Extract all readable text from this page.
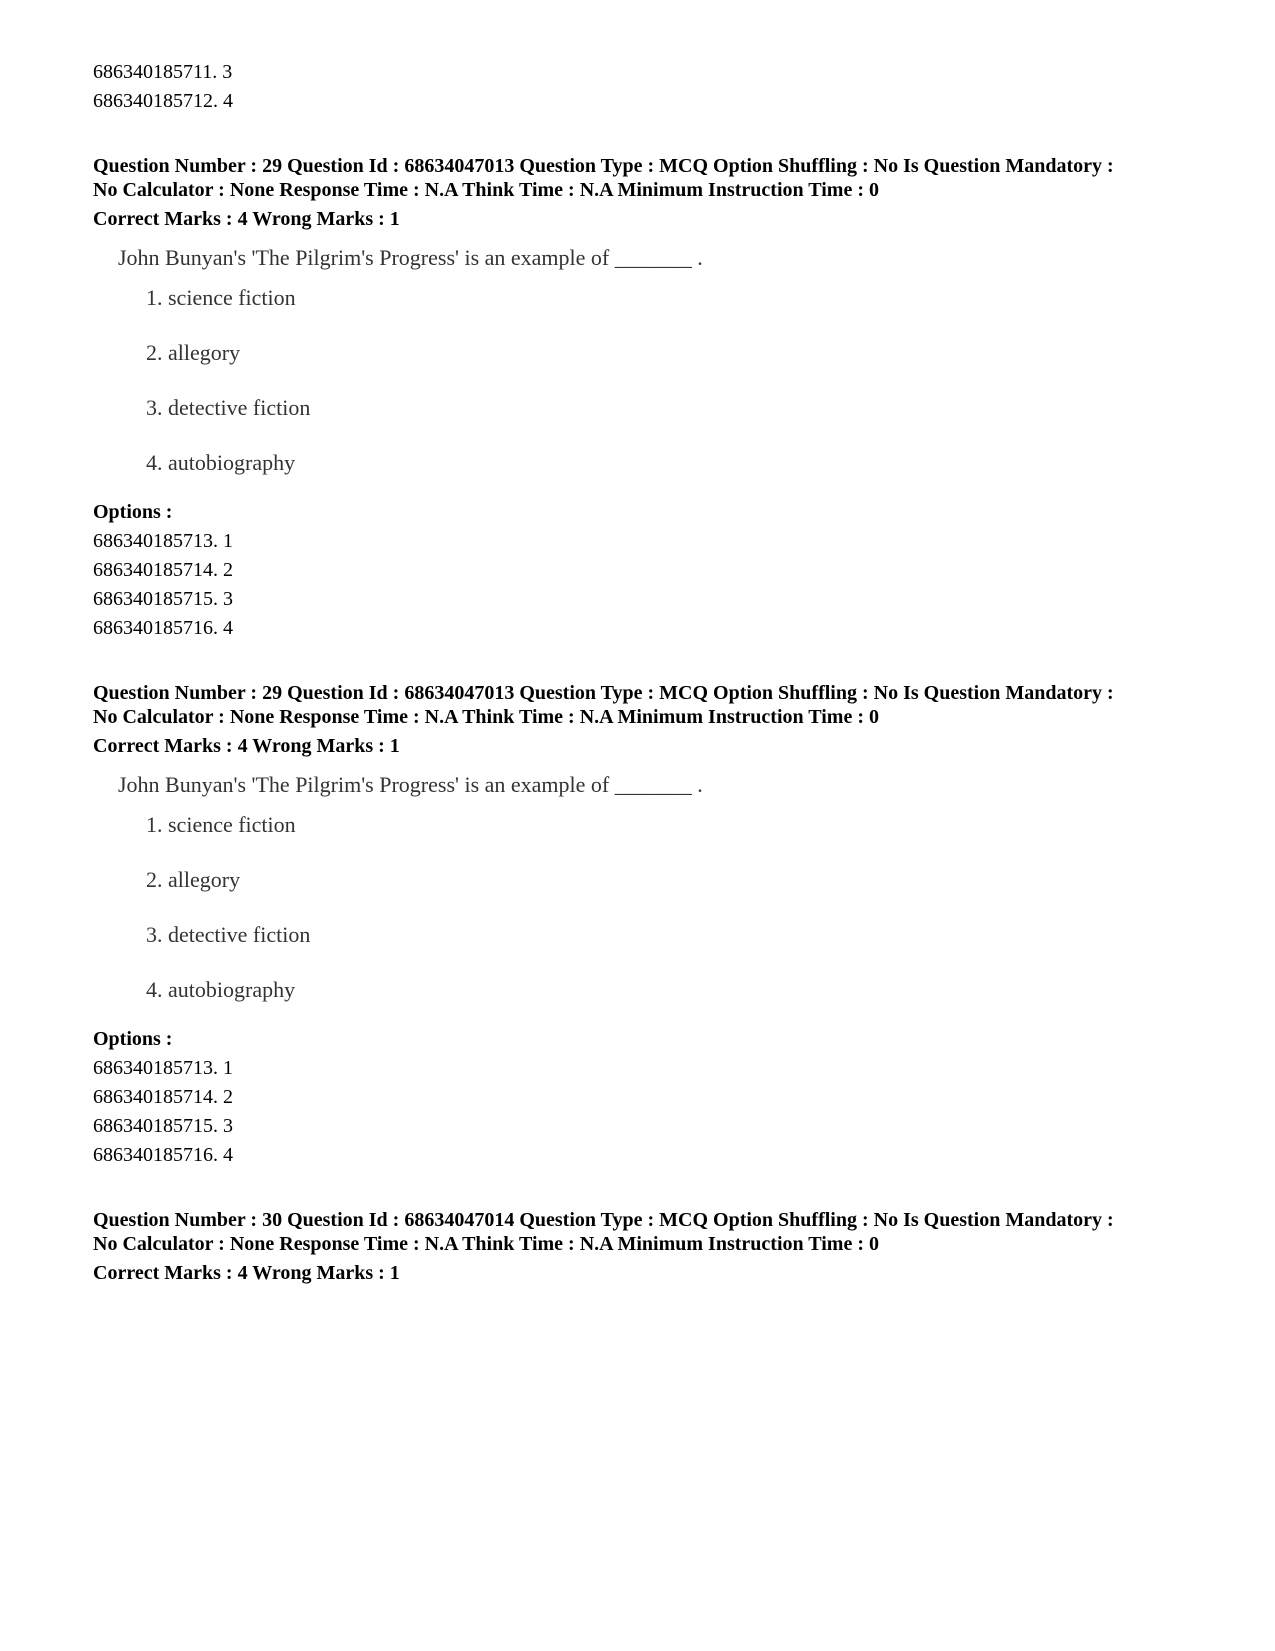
686340185711. 3
686340185712. 4
Question Number : 29 Question Id : 68634047013 Question Type : MCQ Option Shuffling : No Is Question Mandatory :
No Calculator : None Response Time : N.A Think Time : N.A Minimum Instruction Time : 0
Correct Marks : 4 Wrong Marks : 1
John Bunyan's 'The Pilgrim's Progress' is an example of _______ .
1. science fiction
2. allegory
3. detective fiction
4. autobiography
Options :
686340185713. 1
686340185714. 2
686340185715. 3
686340185716. 4
Question Number : 29 Question Id : 68634047013 Question Type : MCQ Option Shuffling : No Is Question Mandatory :
No Calculator : None Response Time : N.A Think Time : N.A Minimum Instruction Time : 0
Correct Marks : 4 Wrong Marks : 1
John Bunyan's 'The Pilgrim's Progress' is an example of _______ .
1. science fiction
2. allegory
3. detective fiction
4. autobiography
Options :
686340185713. 1
686340185714. 2
686340185715. 3
686340185716. 4
Question Number : 30 Question Id : 68634047014 Question Type : MCQ Option Shuffling : No Is Question Mandatory :
No Calculator : None Response Time : N.A Think Time : N.A Minimum Instruction Time : 0
Correct Marks : 4 Wrong Marks : 1
